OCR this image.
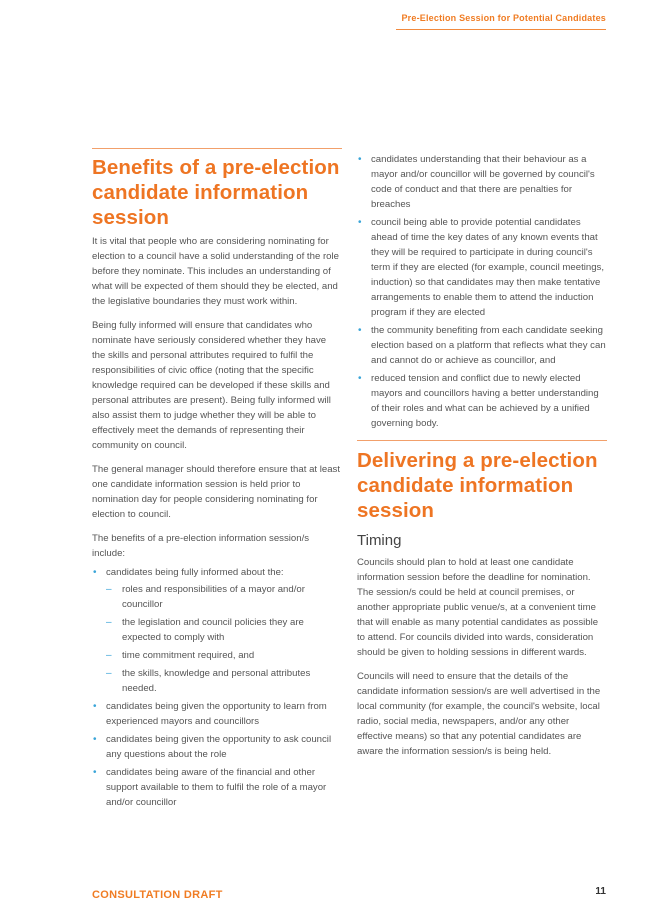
Pre-Election Session for Potential Candidates
Benefits of a pre-election candidate information session

It is vital that people who are considering nominating for election to a council have a solid understanding of the role before they nominate. This includes an understanding of what will be expected of them should they be elected, and the legislative boundaries they must work within.

Being fully informed will ensure that candidates who nominate have seriously considered whether they have the skills and personal attributes required to fulfil the responsibilities of civic office (noting that the specific knowledge required can be developed if these skills and personal attributes are present). Being fully informed will also assist them to judge whether they will be able to effectively meet the demands of representing their community on council.

The general manager should therefore ensure that at least one candidate information session is held prior to nomination day for people considering nominating for election to council.

The benefits of a pre-election information session/s include:

• candidates being fully informed about the:
– roles and responsibilities of a mayor and/or councillor
– the legislation and council policies they are expected to comply with
– time commitment required, and
– the skills, knowledge and personal attributes needed.
• candidates being given the opportunity to learn from experienced mayors and councillors
• candidates being given the opportunity to ask council any questions about the role
• candidates being aware of the financial and other support available to them to fulfil the role of a mayor and/or councillor
• candidates understanding that their behaviour as a mayor and/or councillor will be governed by council's code of conduct and that there are penalties for breaches
• council being able to provide potential candidates ahead of time the key dates of any known events that they will be required to participate in during council's term if they are elected (for example, council meetings, induction) so that candidates may then make tentative arrangements to enable them to attend the induction program if they are elected
• the community benefiting from each candidate seeking election based on a platform that reflects what they can and cannot do or achieve as councillor, and
• reduced tension and conflict due to newly elected mayors and councillors having a better understanding of their roles and what can be achieved by a unified governing body.
Delivering a pre-election candidate information session
Timing

Councils should plan to hold at least one candidate information session before the deadline for nomination. The session/s could be held at council premises, or another appropriate public venue/s, at a convenient time that will enable as many potential candidates as possible to attend. For councils divided into wards, consideration should be given to holding sessions in different wards.

Councils will need to ensure that the details of the candidate information session/s are well advertised in the local community (for example, the council's website, local radio, social media, newspapers, and/or any other effective means) so that any potential candidates are aware the information session/s is being held.

CONSULTATION DRAFT	11
